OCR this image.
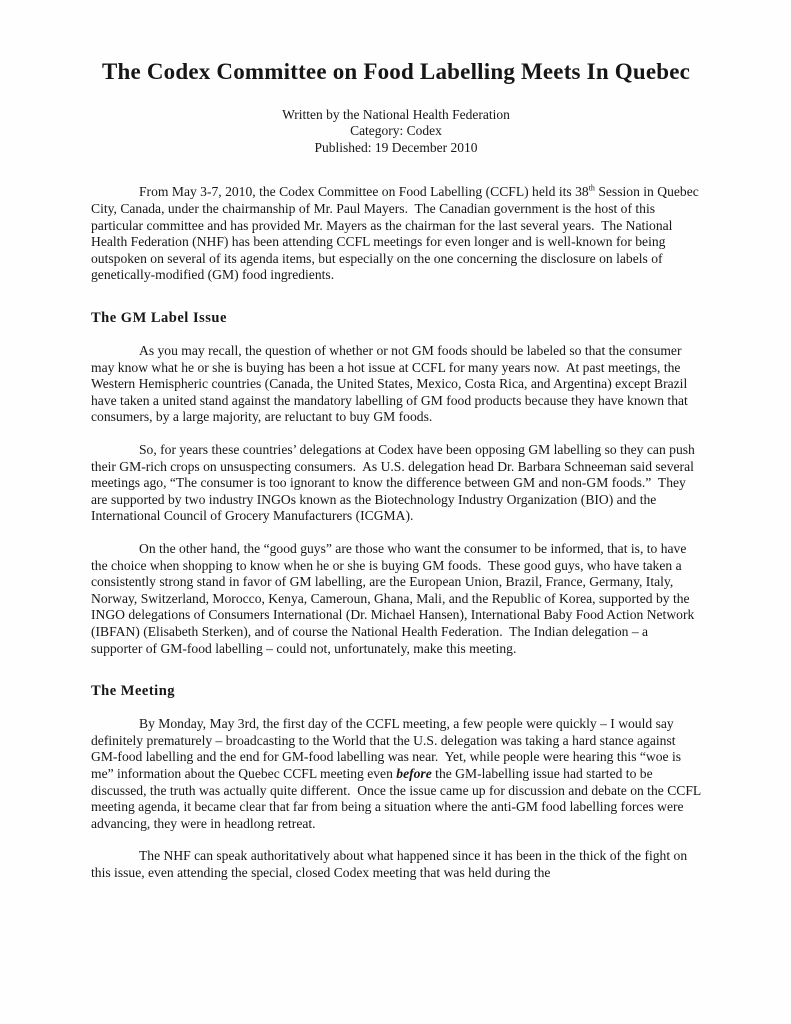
The Codex Committee on Food Labelling Meets In Quebec
Written by the National Health Federation
Category: Codex
Published: 19 December 2010

From May 3-7, 2010, the Codex Committee on Food Labelling (CCFL) held its 38th Session in Quebec City, Canada, under the chairmanship of Mr. Paul Mayers.  The Canadian government is the host of this particular committee and has provided Mr. Mayers as the chairman for the last several years.  The National Health Federation (NHF) has been attending CCFL meetings for even longer and is well-known for being outspoken on several of its agenda items, but especially on the one concerning the disclosure on labels of genetically-modified (GM) food ingredients.

The GM Label Issue

As you may recall, the question of whether or not GM foods should be labeled so that the consumer may know what he or she is buying has been a hot issue at CCFL for many years now.  At past meetings, the Western Hemispheric countries (Canada, the United States, Mexico, Costa Rica, and Argentina) except Brazil have taken a united stand against the mandatory labelling of GM food products because they have known that consumers, by a large majority, are reluctant to buy GM foods.

So, for years these countries’ delegations at Codex have been opposing GM labelling so they can push their GM-rich crops on unsuspecting consumers.  As U.S. delegation head Dr. Barbara Schneeman said several meetings ago, “The consumer is too ignorant to know the difference between GM and non-GM foods.”  They are supported by two industry INGOs known as the Biotechnology Industry Organization (BIO) and the International Council of Grocery Manufacturers (ICGMA).

On the other hand, the “good guys” are those who want the consumer to be informed, that is, to have the choice when shopping to know when he or she is buying GM foods.  These good guys, who have taken a consistently strong stand in favor of GM labelling, are the European Union, Brazil, France, Germany, Italy, Norway, Switzerland, Morocco, Kenya, Cameroun, Ghana, Mali, and the Republic of Korea, supported by the INGO delegations of Consumers International (Dr. Michael Hansen), International Baby Food Action Network (IBFAN) (Elisabeth Sterken), and of course the National Health Federation.  The Indian delegation – a supporter of GM-food labelling – could not, unfortunately, make this meeting.

The Meeting

By Monday, May 3rd, the first day of the CCFL meeting, a few people were quickly – I would say definitely prematurely – broadcasting to the World that the U.S. delegation was taking a hard stance against GM-food labelling and the end for GM-food labelling was near.  Yet, while people were hearing this “woe is me” information about the Quebec CCFL meeting even before the GM-labelling issue had started to be discussed, the truth was actually quite different.  Once the issue came up for discussion and debate on the CCFL meeting agenda, it became clear that far from being a situation where the anti-GM food labelling forces were advancing, they were in headlong retreat.

The NHF can speak authoritatively about what happened since it has been in the thick of the fight on this issue, even attending the special, closed Codex meeting that was held during the
